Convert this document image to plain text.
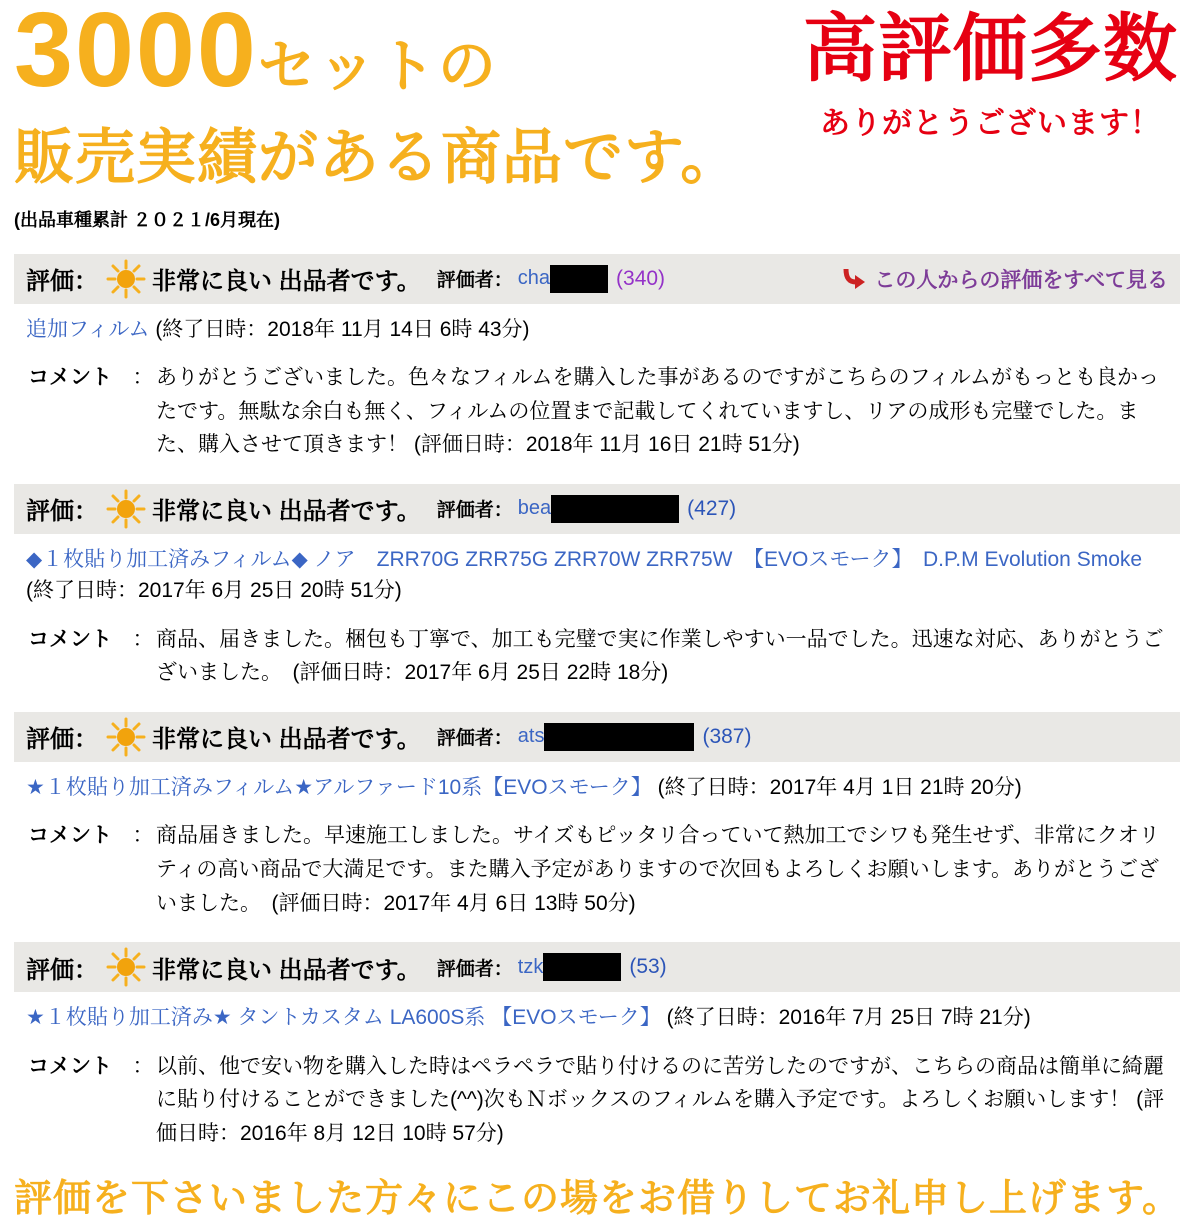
3000セットの
販売実績がある商品です。
(出品車種累計 ２０２１/6月現在)
高評価多数
ありがとうございます！
評価： 非常に良い 出品者です。 評価者： cha	(340)	この人からの評価をすべて見る
追加フィルム (終了日時：2018年 11月 14日 6時 43分)
コメント ： ありがとうございました。色々なフィルムを購入した事があるのですがこちらのフィルムがもっとも良かったです。無駄な余白も無く、フィルムの位置まで記載してくれていますし、リアの成形も完璧でした。また、購入させて頂きます！ (評価日時：2018年 11月 16日 21時 51分)
評価： 非常に良い 出品者です。 評価者： bea	(427)
◆１枚貼り加工済みフィルム◆ ノア　ZRR70G ZRR75G ZRR70W ZRR75W　【EVOスモーク】　D.P.M Evolution Smoke　(終了日時：2017年 6月 25日 20時 51分)
コメント ： 商品、届きました。梱包も丁寧で、加工も完璧で実に作業しやすい一品でした。迅速な対応、ありがとうございました。　(評価日時：2017年 6月 25日 22時 18分)
評価： 非常に良い 出品者です。 評価者： ats	(387)
★１枚貼り加工済みフィルム★アルファード10系【EVOスモーク】 (終了日時：2017年 4月 1日 21時 20分)
コメント ： 商品届きました。早速施工しました。サイズもピッタリ合っていて熱加工でシワも発生せず、非常にクオリティの高い商品で大満足です。また購入予定がありますので次回もよろしくお願いします。ありがとうございました。　(評価日時：2017年 4月 6日 13時 50分)
評価： 非常に良い 出品者です。 評価者： tzk	(53)
★１枚貼り加工済み★ タントカスタム LA600S系 【EVOスモーク】 (終了日時：2016年 7月 25日 7時 21分)
コメント ： 以前、他で安い物を購入した時はペラペラで貼り付けるのに苦労したのですが、こちらの商品は簡単に綺麗に貼り付けることができました(^^)次もＮボックスのフィルムを購入予定です。よろしくお願いします！ (評価日時：2016年 8月 12日 10時 57分)
評価を下さいました方々にこの場をお借りしてお礼申し上げます。
